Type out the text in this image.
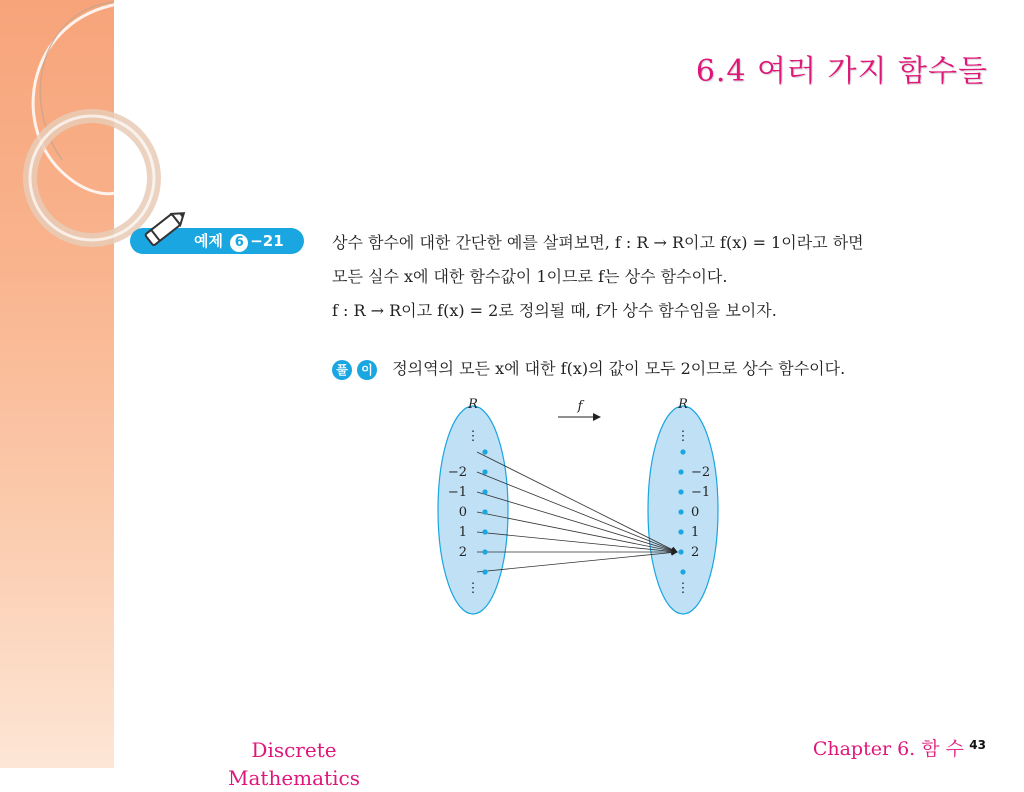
6.4 여러 가지 함수들
예제 6 −21	상수 함수에 대한 간단한 예를 살펴보면, f : R → R이고 f(x) = 1이라고 하면

모든 실수 x에 대한 함수값이 1이므로 f는 상수 함수이다.

f : R → R이고 f(x) = 2로 정의될 때, f가 상수 함수임을 보이자.

풀 이 정의역의 모든 x에 대한 f(x)의 값이 모두 2이므로 상수 함수이다.
R	R
f
⋮
⋮
⋮
⋮
−2
−1
0
1
2
−2
−1
0
1
2
Discrete Mathematics
Chapter 6. 함 수 43
